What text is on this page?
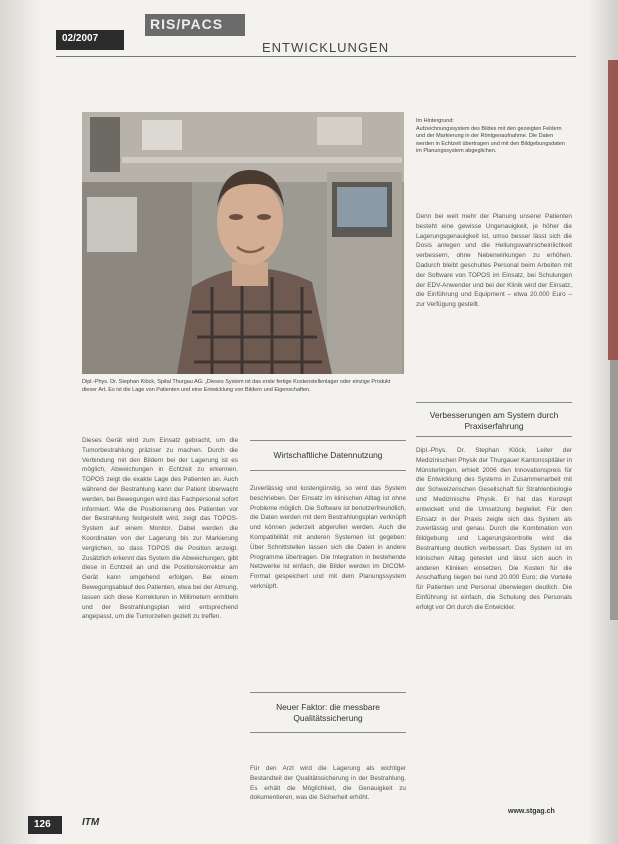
02/2007
RIS/PACS
ENTWICKLUNGEN
Dipl.-Phys. Dr. Stephan Klöck, Spital Thurgau AG: „Dieses System ist das erste fertige Kostenstellenlager oder einzige Produkt dieser Art. Es ist die Lage von Patienten und eine Entwicklung von Bildern und Eigenschaften.
Im Hintergrund:
Aufzeichnungssystem des Bildes mit den gezeigten Feldern und der Markierung in der Röntgenaufnahme. Die Daten werden in Echtzeit übertragen und mit den Bildgebungsdaten im Planungssystem abgeglichen.
Denn bei weit mehr der Planung unserer Patienten besteht eine gewisse Ungenauigkeit, je höher die Lagerungsgenauigkeit ist, umso besser lässt sich die Dosis anlegen und die Heilungswahrscheinlichkeit verbessern, ohne Nebenwirkungen zu erhöhen. Dadurch bleibt geschultes Personal beim Arbeiten mit der Software von TOPOS im Einsatz, bei Schulungen der EDV-Anwender und bei der Klinik wird der Einsatz, die Einführung und Equipment – etwa 20.000 Euro – zur Verfügung gestellt.
Verbesserungen am System durch Praxiserfahrung
Dieses Gerät wird zum Einsatz gebracht, um die Tumorbestrahlung präziser zu machen. Durch die Verbindung mit den Bildern bei der Lagerung ist es möglich, Abweichungen in Echtzeit zu erkennen. TOPOS zeigt die exakte Lage des Patienten an. Auch während der Bestrahlung kann der Patient überwacht werden, bei Bewegungen wird das Fachpersonal sofort informiert. Wie die Positionierung des Patienten vor der Bestrahlung festgestellt wird, zeigt das TOPOS-System auf einem Monitor. Dabei werden die Koordinaten von der Lagerung bis zur Markierung verglichen, so dass TOPOS die Position anzeigt. Zusätzlich erkennt das System die Abweichungen, gibt diese in Echtzeit an und die Positionskorrektur am Gerät kann umgehend erfolgen. Bei einem Bewegungsablauf des Patienten, etwa bei der Atmung, lassen sich diese Korrekturen in Millimetern ermitteln und der Bestrahlungsplan wird entsprechend angepasst, um die Tumorzellen gezielt zu treffen.
Wirtschaftliche Datennutzung
Zuverlässig und kostengünstig, so wird das System beschrieben. Der Einsatz im klinischen Alltag ist ohne Probleme möglich. Die Software ist benutzerfreundlich, die Daten werden mit dem Bestrahlungsplan verknüpft und können jederzeit abgerufen werden. Auch die Kompatibilität mit anderen Systemen ist gegeben: Über Schnittstellen lassen sich die Daten in andere Programme übertragen. Die Integration in bestehende Netzwerke ist einfach, die Bilder werden im DICOM-Format gespeichert und mit dem Planungssystem verknüpft.
Neuer Faktor: die messbare Qualitätssicherung
Für den Arzt wird die Lagerung als wichtiger Bestandteil der Qualitätssicherung in der Bestrahlung. Es erhält die Möglichkeit, die Genauigkeit zu dokumentieren, was die Sicherheit erhöht.
Dipl.-Phys. Dr. Stephan Klöck, Leiter der Medizinischen Physik der Thurgauer Kantonsspitäler in Münsterlingen, erhielt 2006 den Innovationspreis für die Entwicklung des Systems in Zusammenarbeit mit der Schweizerischen Gesellschaft für Strahlenbiologie und Medizinische Physik. Er hat das Konzept entwickelt und die Umsetzung begleitet. Für den Einsatz in der Praxis zeigte sich das System als zuverlässig und genau. Durch die Kombination von Bildgebung und Lagerungskontrolle wird die Bestrahlung deutlich verbessert. Das System ist im klinischen Alltag getestet und lässt sich auch in anderen Kliniken einsetzen. Die Kosten für die Anschaffung liegen bei rund 20.000 Euro; die Vorteile für Patienten und Personal überwiegen deutlich. Die Einführung ist einfach, die Schulung des Personals erfolgt vor Ort durch die Entwickler.
www.stgag.ch
126	ITM
